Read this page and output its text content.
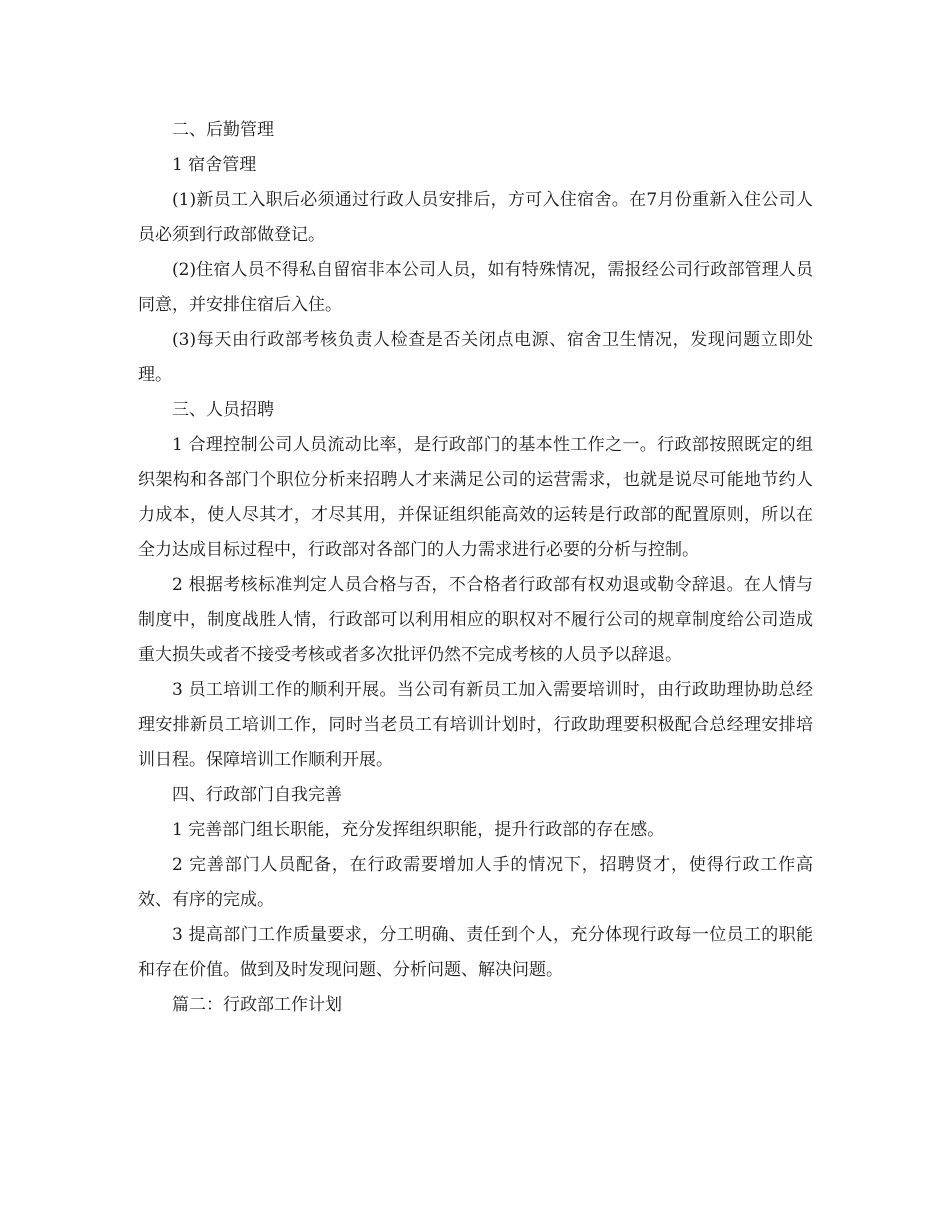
二、后勤管理

1 宿舍管理

(1)新员工入职后必须通过行政人员安排后，方可入住宿舍。在7月份重新入住公司人员必须到行政部做登记。

(2)住宿人员不得私自留宿非本公司人员，如有特殊情况，需报经公司行政部管理人员同意，并安排住宿后入住。

(3)每天由行政部考核负责人检查是否关闭点电源、宿舍卫生情况，发现问题立即处理。

三、人员招聘

1 合理控制公司人员流动比率，是行政部门的基本性工作之一。行政部按照既定的组织架构和各部门个职位分析来招聘人才来满足公司的运营需求，也就是说尽可能地节约人力成本，使人尽其才，才尽其用，并保证组织能高效的运转是行政部的配置原则，所以在全力达成目标过程中，行政部对各部门的人力需求进行必要的分析与控制。

2 根据考核标准判定人员合格与否，不合格者行政部有权劝退或勒令辞退。在人情与制度中，制度战胜人情，行政部可以利用相应的职权对不履行公司的规章制度给公司造成重大损失或者不接受考核或者多次批评仍然不完成考核的人员予以辞退。

3 员工培训工作的顺利开展。当公司有新员工加入需要培训时，由行政助理协助总经理安排新员工培训工作，同时当老员工有培训计划时，行政助理要积极配合总经理安排培训日程。保障培训工作顺利开展。

四、行政部门自我完善

1 完善部门组长职能，充分发挥组织职能，提升行政部的存在感。

2 完善部门人员配备，在行政需要增加人手的情况下，招聘贤才，使得行政工作高效、有序的完成。

3 提高部门工作质量要求，分工明确、责任到个人，充分体现行政每一位员工的职能和存在价值。做到及时发现问题、分析问题、解决问题。

篇二：行政部工作计划
